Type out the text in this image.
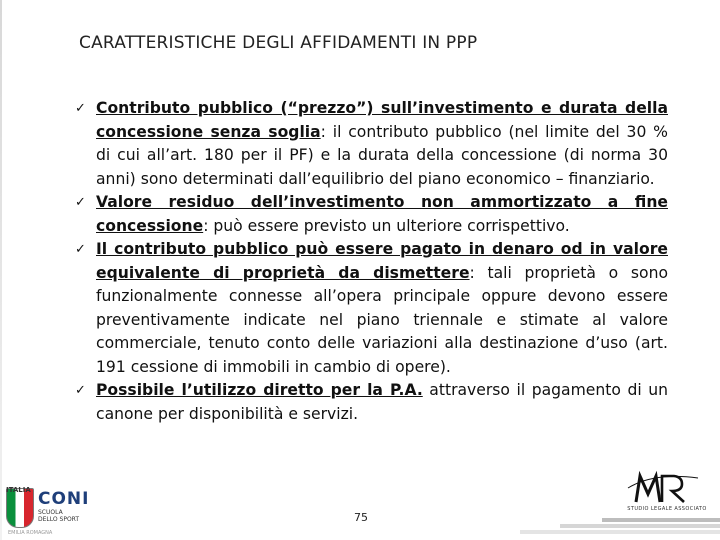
CARATTERISTICHE DEGLI AFFIDAMENTI IN PPP
✓ Contributo pubblico (“prezzo”) sull’investimento e durata della concessione senza soglia: il contributo pubblico (nel limite del 30 % di cui all’art. 180 per il PF) e la durata della concessione (di norma 30 anni) sono determinati dall’equilibrio del piano economico – finanziario.
✓ Valore residuo dell’investimento non ammortizzato a fine concessione: può essere previsto un ulteriore corrispettivo.
✓ Il contributo pubblico può essere pagato in denaro od in valore equivalente di proprietà da dismettere: tali proprietà o sono funzionalmente connesse all’opera principale oppure devono essere preventivamente indicate nel piano triennale e stimate al valore commerciale, tenuto conto delle variazioni alla destinazione d’uso (art. 191 cessione di immobili in cambio di opere).
✓ Possibile l’utilizzo diretto per la P.A. attraverso il pagamento di un canone per disponibilità e servizi.
ITALIA CONI
SCUOLA
DELLO SPORT
EMILIA ROMAGNA
75
STUDIO LEGALE ASSOCIATO
